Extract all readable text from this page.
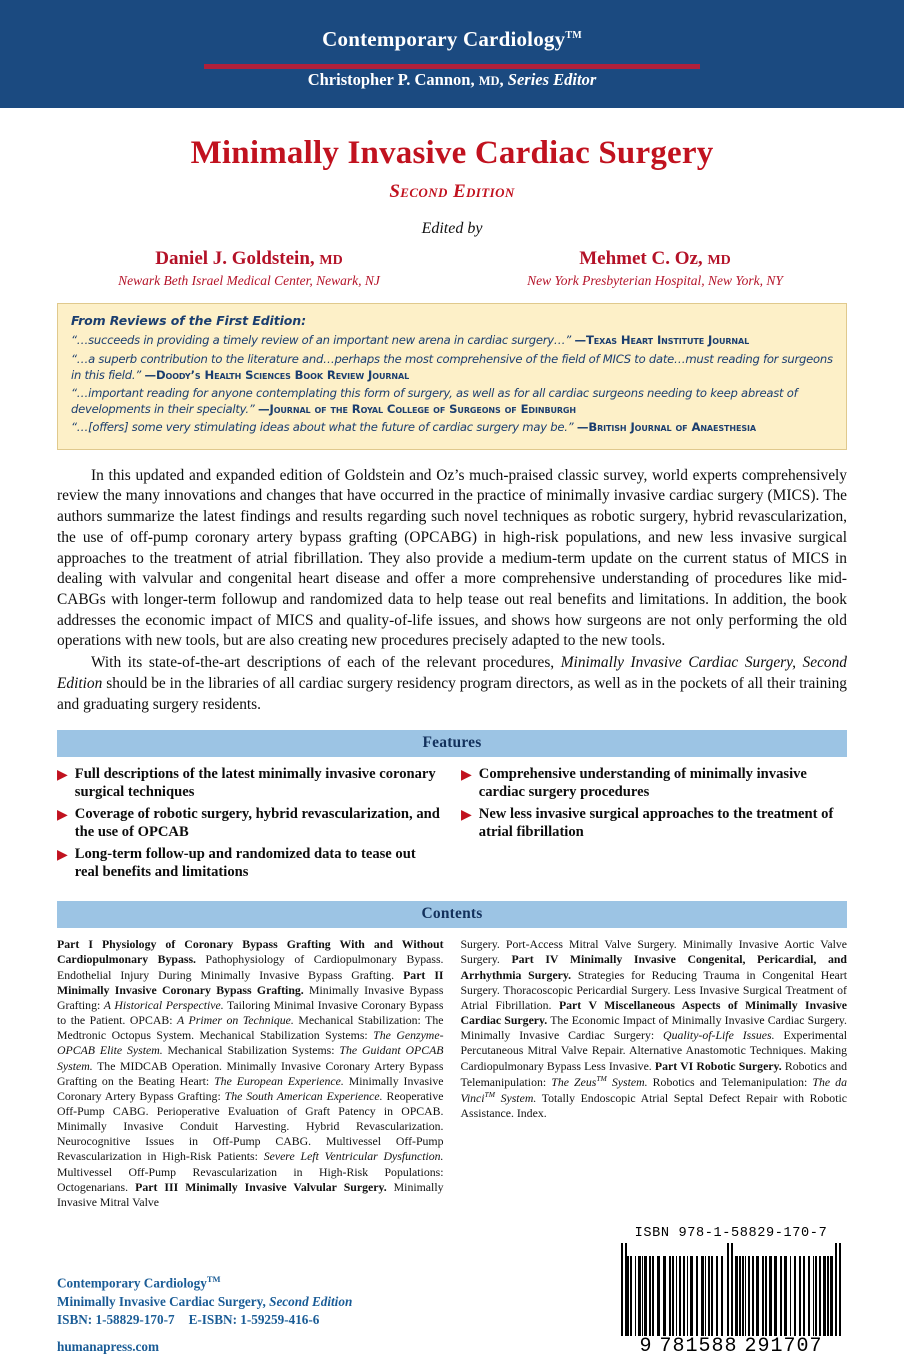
Contemporary Cardiology™
Christopher P. Cannon, MD, Series Editor
Minimally Invasive Cardiac Surgery
Second Edition
Edited by
Daniel J. Goldstein, MD
Newark Beth Israel Medical Center, Newark, NJ
Mehmet C. Oz, MD
New York Presbyterian Hospital, New York, NY
From Reviews of the First Edition:
“…succeeds in providing a timely review of an important new arena in cardiac surgery…” —Texas Heart Institute Journal
“…a superb contribution to the literature and…perhaps the most comprehensive of the field of MICS to date…must reading for surgeons in this field.” —Doody’s Health Sciences Book Review Journal
“…important reading for anyone contemplating this form of surgery, as well as for all cardiac surgeons needing to keep abreast of developments in their specialty.” —Journal of the Royal College of Surgeons of Edinburgh
“…[offers] some very stimulating ideas about what the future of cardiac surgery may be.” —British Journal of Anaesthesia

In this updated and expanded edition of Goldstein and Oz’s much-praised classic survey, world experts comprehensively review the many innovations and changes that have occurred in the practice of minimally invasive cardiac surgery (MICS). The authors summarize the latest findings and results regarding such novel techniques as robotic surgery, hybrid revascularization, the use of off-pump coronary artery bypass grafting (OPCABG) in high-risk populations, and new less invasive surgical approaches to the treatment of atrial fibrillation. They also provide a medium-term update on the current status of MICS in dealing with valvular and congenital heart disease and offer a more comprehensive understanding of procedures like mid-CABGs with longer-term followup and randomized data to help tease out real benefits and limitations. In addition, the book addresses the economic impact of MICS and quality-of-life issues, and shows how surgeons are not only performing the old operations with new tools, but are also creating new procedures precisely adapted to the new tools.

With its state-of-the-art descriptions of each of the relevant procedures, Minimally Invasive Cardiac Surgery, Second Edition should be in the libraries of all cardiac surgery residency program directors, as well as in the pockets of all their training and graduating surgery residents.

Features
▶ Full descriptions of the latest minimally invasive coronary surgical techniques
▶ Coverage of robotic surgery, hybrid revascularization, and the use of OPCAB
▶ Long-term follow-up and randomized data to tease out real benefits and limitations
▶ Comprehensive understanding of minimally invasive cardiac surgery procedures
▶ New less invasive surgical approaches to the treatment of atrial fibrillation
Contents
Part I Physiology of Coronary Bypass Grafting With and Without Cardiopulmonary Bypass. Pathophysiology of Cardiopulmonary Bypass. Endothelial Injury During Minimally Invasive Bypass Grafting. Part II Minimally Invasive Coronary Bypass Grafting. Minimally Invasive Bypass Grafting: A Historical Perspective. Tailoring Minimal Invasive Coronary Bypass to the Patient. OPCAB: A Primer on Technique. Mechanical Stabilization: The Medtronic Octopus System. Mechanical Stabilization Systems: The Genzyme-OPCAB Elite System. Mechanical Stabilization Systems: The Guidant OPCAB System. The MIDCAB Operation. Minimally Invasive Coronary Artery Bypass Grafting on the Beating Heart: The European Experience. Minimally Invasive Coronary Artery Bypass Grafting: The South American Experience. Reoperative Off-Pump CABG. Perioperative Evaluation of Graft Patency in OPCAB. Minimally Invasive Conduit Harvesting. Hybrid Revascularization. Neurocognitive Issues in Off-Pump CABG. Multivessel Off-Pump Revascularization in High-Risk Patients: Severe Left Ventricular Dysfunction. Multivessel Off-Pump Revascularization in High-Risk Populations: Octogenarians. Part III Minimally Invasive Valvular Surgery. Minimally Invasive Mitral Valve
Surgery. Port-Access Mitral Valve Surgery. Minimally Invasive Aortic Valve Surgery. Part IV Minimally Invasive Congenital, Pericardial, and Arrhythmia Surgery. Strategies for Reducing Trauma in Congenital Heart Surgery. Thoracoscopic Pericardial Surgery. Less Invasive Surgical Treatment of Atrial Fibrillation. Part V Miscellaneous Aspects of Minimally Invasive Cardiac Surgery. The Economic Impact of Minimally Invasive Cardiac Surgery. Minimally Invasive Cardiac Surgery: Quality-of-Life Issues. Experimental Percutaneous Mitral Valve Repair. Alternative Anastomotic Techniques. Making Cardiopulmonary Bypass Less Invasive. Part VI Robotic Surgery. Robotics and Telemanipulation: The Zeus™ System. Robotics and Telemanipulation: The da Vinci™ System. Totally Endoscopic Atrial Septal Defect Repair with Robotic Assistance. Index.
Contemporary Cardiology™
Minimally Invasive Cardiac Surgery, Second Edition
ISBN: 1-58829-170-7 E-ISBN: 1-59259-416-6
humanapress.com
ISBN 978-1-58829-170-7
9 781588 291707
